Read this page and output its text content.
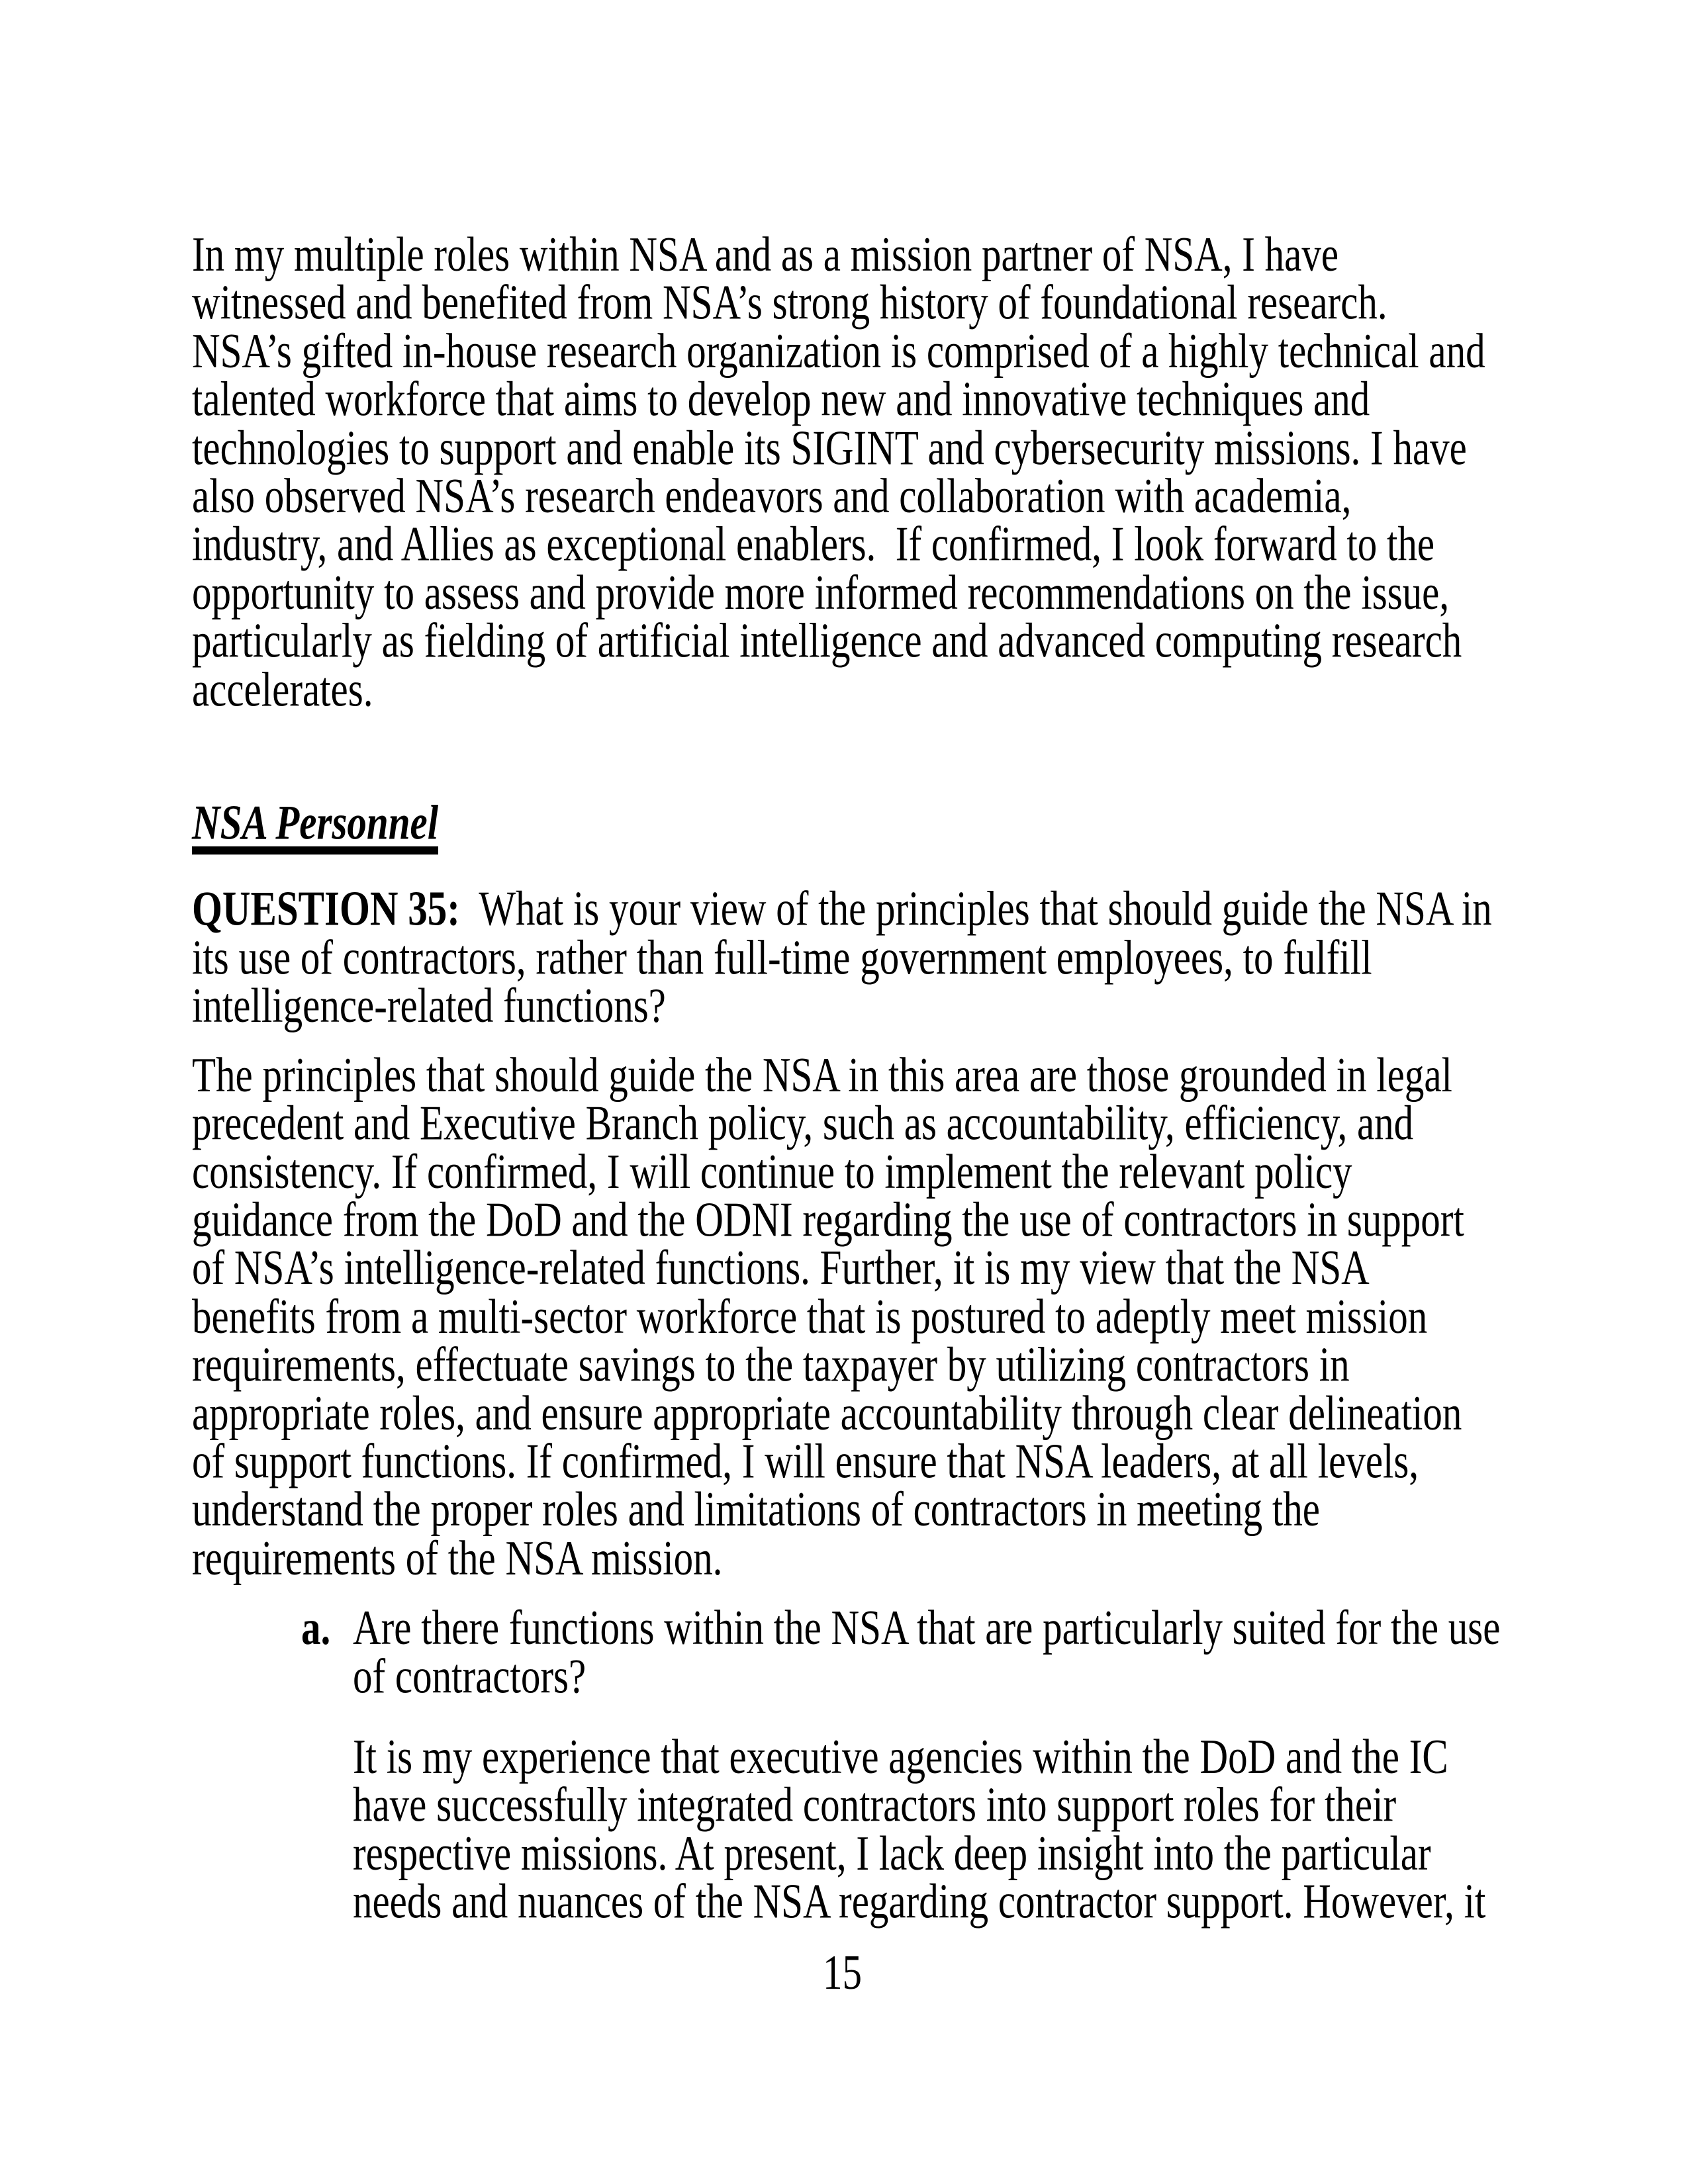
In my multiple roles within NSA and as a mission partner of NSA, I have
witnessed and benefited from NSA’s strong history of foundational research.
NSA’s gifted in-house research organization is comprised of a highly technical and
talented workforce that aims to develop new and innovative techniques and
technologies to support and enable its SIGINT and cybersecurity missions. I have
also observed NSA’s research endeavors and collaboration with academia,
industry, and Allies as exceptional enablers.  If confirmed, I look forward to the
opportunity to assess and provide more informed recommendations on the issue,
particularly as fielding of artificial intelligence and advanced computing research
accelerates.
NSA Personnel
QUESTION 35:  What is your view of the principles that should guide the NSA in
its use of contractors, rather than full-time government employees, to fulfill
intelligence-related functions?
The principles that should guide the NSA in this area are those grounded in legal
precedent and Executive Branch policy, such as accountability, efficiency, and
consistency. If confirmed, I will continue to implement the relevant policy
guidance from the DoD and the ODNI regarding the use of contractors in support
of NSA’s intelligence-related functions. Further, it is my view that the NSA
benefits from a multi-sector workforce that is postured to adeptly meet mission
requirements, effectuate savings to the taxpayer by utilizing contractors in
appropriate roles, and ensure appropriate accountability through clear delineation
of support functions. If confirmed, I will ensure that NSA leaders, at all levels,
understand the proper roles and limitations of contractors in meeting the
requirements of the NSA mission.
a. Are there functions within the NSA that are particularly suited for the use
of contractors?
It is my experience that executive agencies within the DoD and the IC
have successfully integrated contractors into support roles for their
respective missions. At present, I lack deep insight into the particular
needs and nuances of the NSA regarding contractor support. However, it
15
